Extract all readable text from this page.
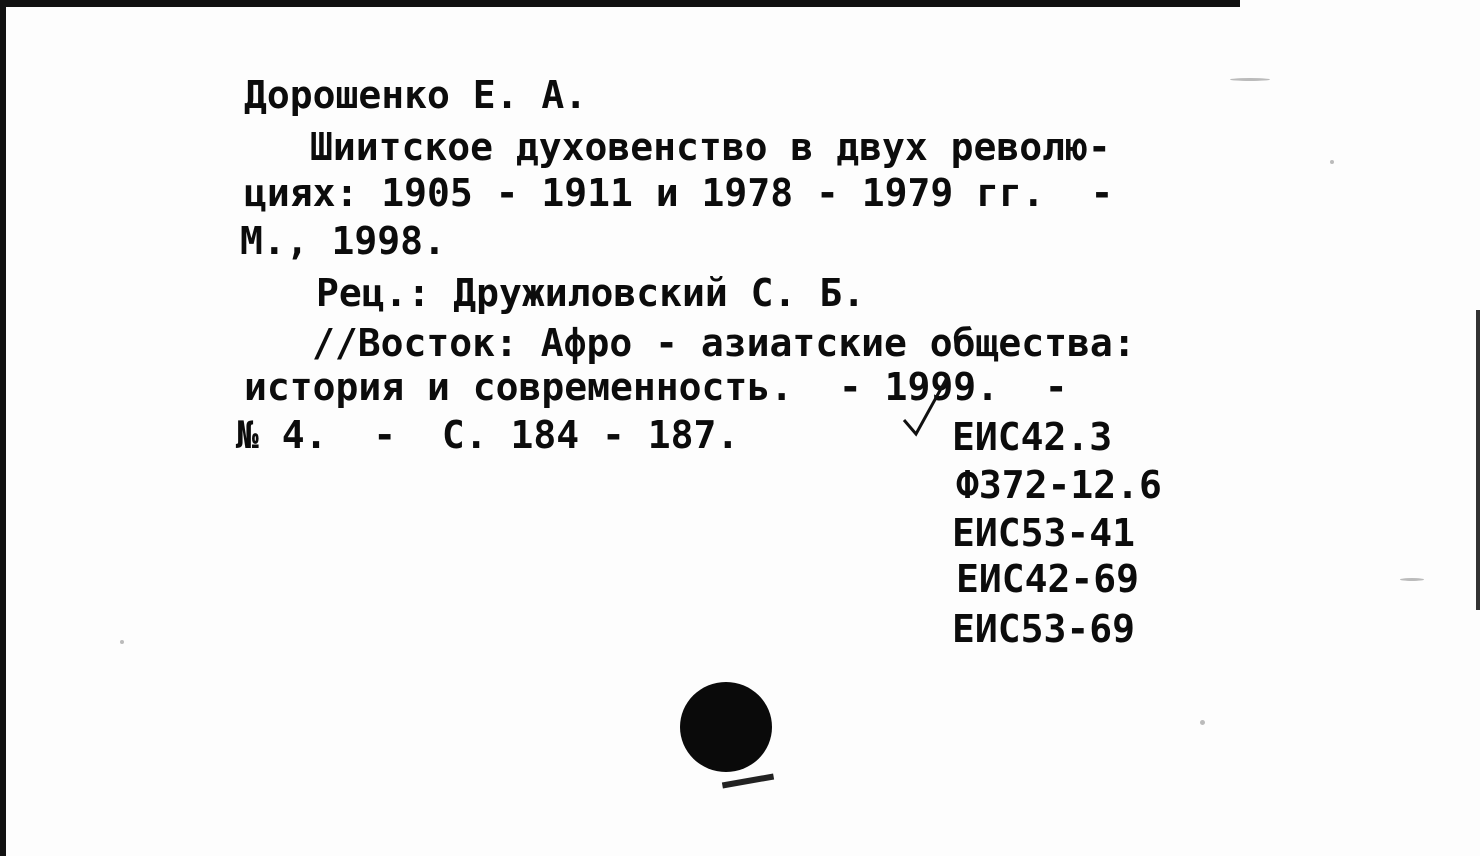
Дорошенко Е. А.
Шиитское духовенство в двух револю-
циях: 1905 - 1911 и 1978 - 1979 гг.  -
М., 1998.
Рец.: Дружиловский С. Б.
//Восток: Афро - азиатские общества:
история и современность.  - 1999.  -
№ 4.  -  С. 184 - 187.	ЕИС42.3
Ф372-12.6
ЕИС53-41
ЕИС42-69
ЕИС53-69
